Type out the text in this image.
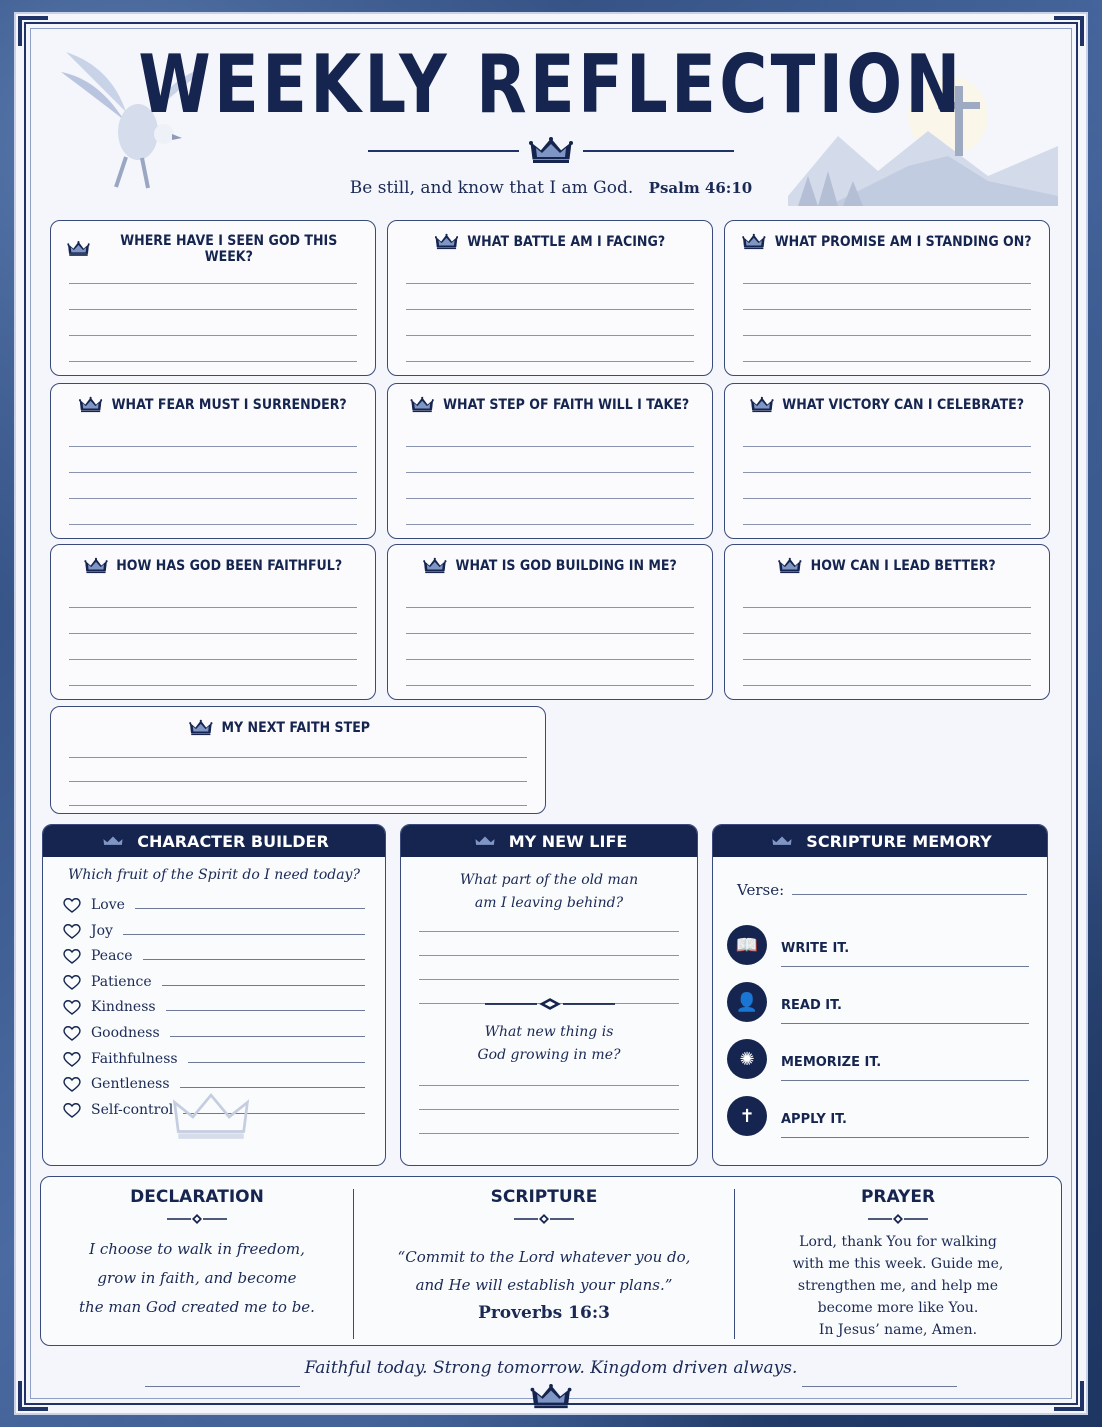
WEEKLY REFLECTION
Be still, and know that I am God. Psalm 46:10
WHERE HAVE I SEEN GOD THIS WEEK?
WHAT BATTLE AM I FACING?	WHAT PROMISE AM I STANDING ON?
WHAT FEAR MUST I SURRENDER?	WHAT STEP OF FAITH WILL I TAKE?	WHAT VICTORY CAN I CELEBRATE?
HOW HAS GOD BEEN FAITHFUL?	WHAT IS GOD BUILDING IN ME?	HOW CAN I LEAD BETTER?
MY NEXT FAITH STEP
CHARACTER BUILDER
Which fruit of the Spirit do I need today?
Love
Joy
Peace
Patience
Kindness
Goodness
Faithfulness
Gentleness
Self-control
MY NEW LIFE
What part of the old man
am I leaving behind?
What new thing is
God growing in me?
SCRIPTURE MEMORY
Verse:
📖	WRITE IT.
👤	READ IT.
✺	MEMORIZE IT.
✝	APPLY IT.
DECLARATION
I choose to walk in freedom,
grow in faith, and become
the man God created me to be.
SCRIPTURE
“Commit to the Lord whatever you do,
and He will establish your plans.”
Proverbs 16:3
PRAYER
Lord, thank You for walking
with me this week. Guide me,
strengthen me, and help me
become more like You.
In Jesus’ name, Amen.
Faithful today. Strong tomorrow. Kingdom driven always.
